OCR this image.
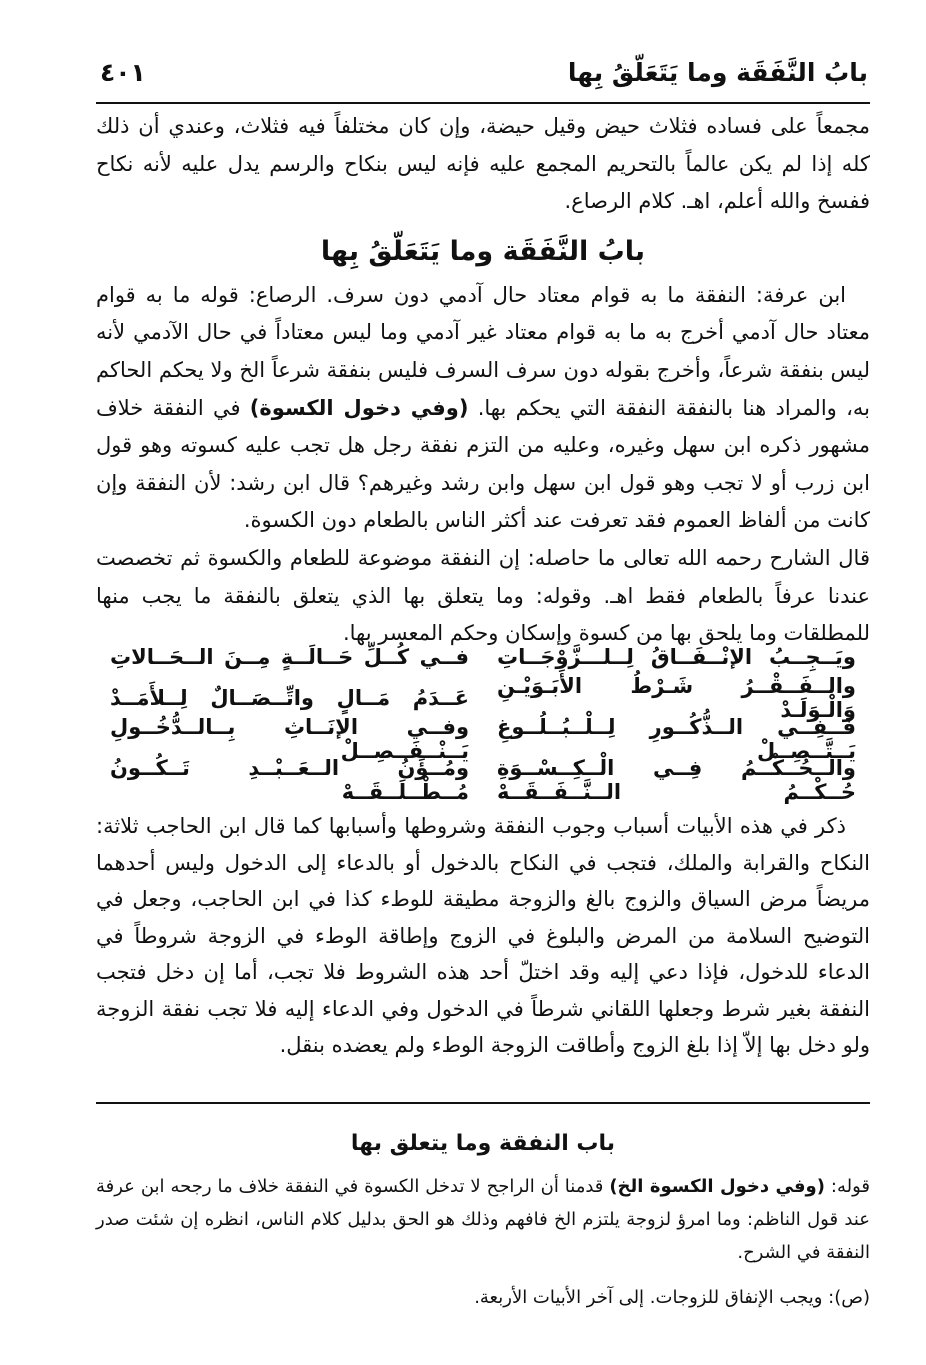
بابُ النَّفَقَة وما يَتَعَلّقُ بِها
٤٠١

مجمعاً على فساده فثلاث حيض وقيل حيضة، وإن كان مختلفاً فيه فثلاث، وعندي أن ذلك كله إذا لم يكن عالماً بالتحريم المجمع عليه فإنه ليس بنكاح والرسم يدل عليه لأنه نكاح ففسخ والله أعلم، اهـ. كلام الرصاع.

بابُ النَّفَقَة وما يَتَعَلّقُ بِها

ابن عرفة: النفقة ما به قوام معتاد حال آدمي دون سرف. الرصاع: قوله ما به قوام معتاد حال آدمي أخرج به ما به قوام معتاد غير آدمي وما ليس معتاداً في حال الآدمي لأنه ليس بنفقة شرعاً، وأخرج بقوله دون سرف السرف فليس بنفقة شرعاً الخ ولا يحكم الحاكم به، والمراد هنا بالنفقة النفقة التي يحكم بها. (وفي دخول الكسوة) في النفقة خلاف مشهور ذكره ابن سهل وغيره، وعليه من التزم نفقة رجل هل تجب عليه كسوته وهو قول ابن زرب أو لا تجب وهو قول ابن سهل وابن رشد وغيرهم؟ قال ابن رشد: لأن النفقة وإن كانت من ألفاظ العموم فقد تعرفت عند أكثر الناس بالطعام دون الكسوة.

قال الشارح رحمه الله تعالى ما حاصله: إن النفقة موضوعة للطعام والكسوة ثم تخصصت عندنا عرفاً بالطعام فقط اهـ. وقوله: وما يتعلق بها الذي يتعلق بالنفقة ما يجب منها للمطلقات وما يلحق بها من كسوة وإسكان وحكم المعسر بها.

ويَــجِــبُ الإنْــفَــاقُ لِــلـــزَّوْجَــاتِ
فــي كُــلِّ حَــالَــةٍ مِــنَ الــحَــالاتِ
والــفَــقْــرُ شَـرْطُ الأَبَـوَيْـنِ وَالْـوَلَـدْ
عَــدَمُ مَــالٍ واتِّــصَــالٌ لِــلأَمَــدْ
فَــفِــي الــذُّكُــورِ لِــلْــبُــلُــوغِ يَــتَّــصِــلْ
وفــي الإنَــاثِ بِــالــدُّخُــولِ يَــنْــفَــصِــلْ
والــحُــكْــمُ فِــي الْــكِــسْــوَةِ حُــكْــمُ الــنَّــفَــقَــهْ
ومُــؤَنُ الــعَــبْــدِ تَــكُــونُ مُــطْــلَــقَــهْ

ذكر في هذه الأبيات أسباب وجوب النفقة وشروطها وأسبابها كما قال ابن الحاجب ثلاثة: النكاح والقرابة والملك، فتجب في النكاح بالدخول أو بالدعاء إلى الدخول وليس أحدهما مريضاً مرض السياق والزوج بالغ والزوجة مطيقة للوطء كذا في ابن الحاجب، وجعل في التوضيح السلامة من المرض والبلوغ في الزوج وإطاقة الوطء في الزوجة شروطاً في الدعاء للدخول، فإذا دعي إليه وقد اختلّ أحد هذه الشروط فلا تجب، أما إن دخل فتجب النفقة بغير شرط وجعلها اللقاني شرطاً في الدخول وفي الدعاء إليه فلا تجب نفقة الزوجة ولو دخل بها إلاّ إذا بلغ الزوج وأطاقت الزوجة الوطء ولم يعضده بنقل.

باب النفقة وما يتعلق بها

قوله: (وفي دخول الكسوة الخ) قدمنا أن الراجح لا تدخل الكسوة في النفقة خلاف ما رجحه ابن عرفة عند قول الناظم: وما امرؤ لزوجة يلتزم الخ فافهم وذلك هو الحق بدليل كلام الناس، انظره إن شئت صدر النفقة في الشرح.

(ص): ويجب الإنفاق للزوجات. إلى آخر الأبيات الأربعة.
